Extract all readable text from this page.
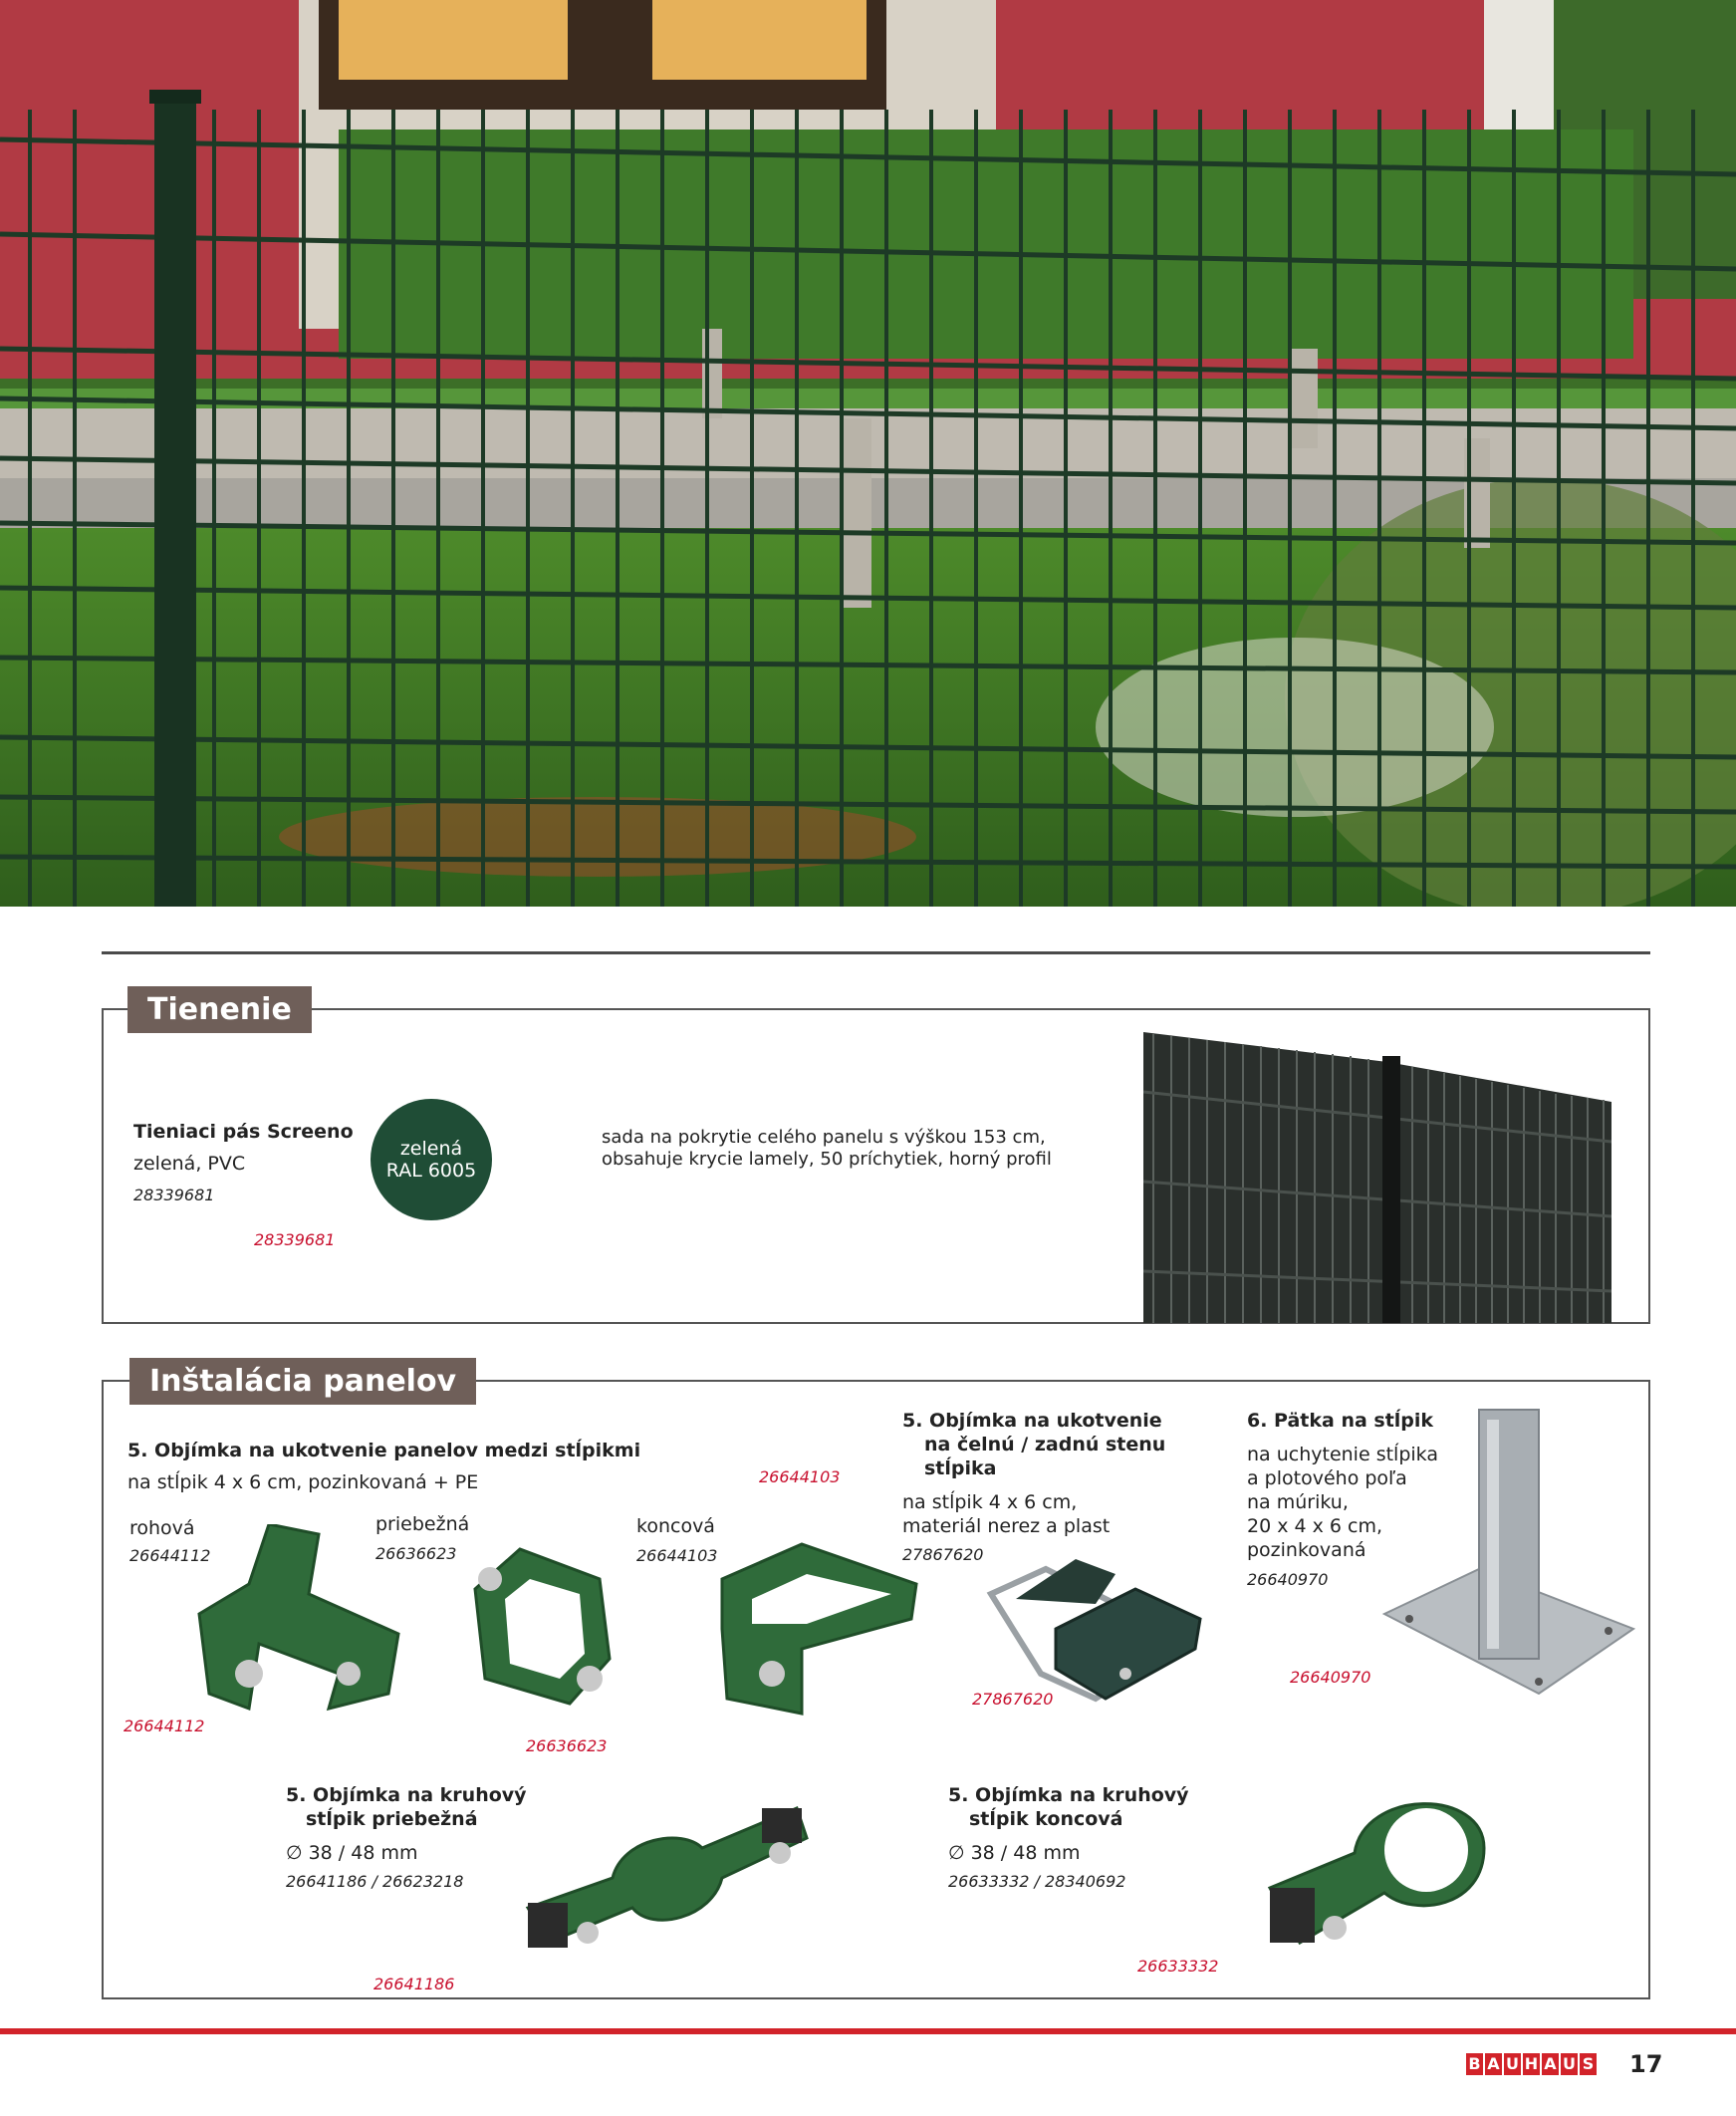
Tienenie
Tieniaci pás Screeno
zelená, PVC
28339681
28339681
zelená
RAL 6005
sada na pokrytie celého panelu s výškou 153 cm,
obsahuje krycie lamely, 50 príchytiek, horný profil
Inštalácia panelov
5. Objímka na ukotvenie panelov medzi stĺpikmi
na stĺpik 4 x 6 cm, pozinkovaná + PE
rohová
26644112
priebežná
26636623
koncová
26644103
26644112
26636623
26644103
5. Objímka na ukotvenie
na čelnú / zadnú stenu
stĺpika
na stĺpik 4 x 6 cm,
materiál nerez a plast
27867620
27867620
6. Pätka na stĺpik
na uchytenie stĺpika
a plotového poľa
na múriku,
20 x 4 x 6 cm,
pozinkovaná
26640970
26640970
5. Objímka na kruhový
stĺpik priebežná
∅ 38 / 48 mm
26641186 / 26623218
26641186
5. Objímka na kruhový
stĺpik koncová
∅ 38 / 48 mm
26633332 / 28340692
26633332
B A U H A U S 17
